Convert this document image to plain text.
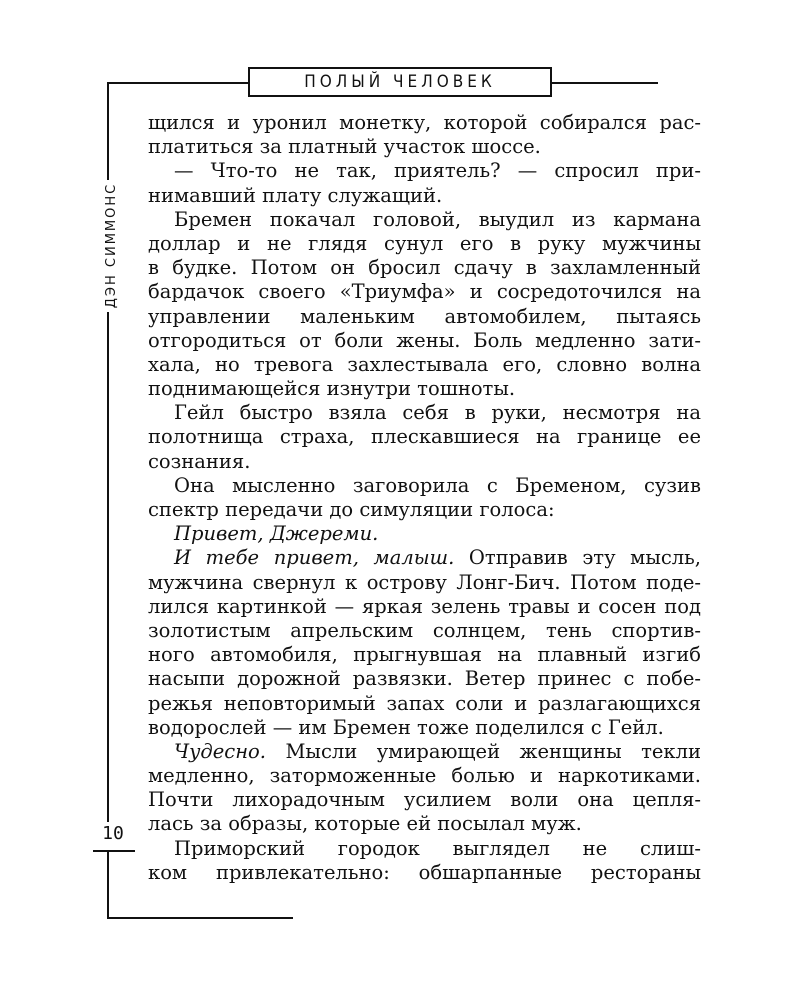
ПОЛЫЙ ЧЕЛОВЕК
ДЭН СИММОНС
10
щился и уронил монетку, которой собирался рас-
платиться за платный участок шоссе.
— Что-то не так, приятель? — спросил при-
нимавший плату служащий.
Бремен покачал головой, выудил из кармана
доллар и не глядя сунул его в руку мужчины
в будке. Потом он бросил сдачу в захламленный
бардачок своего «Триумфа» и сосредоточился на
управлении маленьким автомобилем, пытаясь
отгородиться от боли жены. Боль медленно зати-
хала, но тревога захлестывала его, словно волна
поднимающейся изнутри тошноты.
Гейл быстро взяла себя в руки, несмотря на
полотнища страха, плескавшиеся на границе ее
сознания.
Она мысленно заговорила с Бременом, сузив
спектр передачи до симуляции голоса:
Привет, Джереми.
И тебе привет, малыш. Отправив эту мысль,
мужчина свернул к острову Лонг-Бич. Потом поде-
лился картинкой — яркая зелень травы и сосен под
золотистым апрельским солнцем, тень спортив-
ного автомобиля, прыгнувшая на плавный изгиб
насыпи дорожной развязки. Ветер принес с побе-
режья неповторимый запах соли и разлагающихся
водорослей — им Бремен тоже поделился с Гейл.
Чудесно. Мысли умирающей женщины текли
медленно, заторможенные болью и наркотиками.
Почти лихорадочным усилием воли она цепля-
лась за образы, которые ей посылал муж.
Приморский городок выглядел не слиш-
ком привлекательно: обшарпанные рестораны
